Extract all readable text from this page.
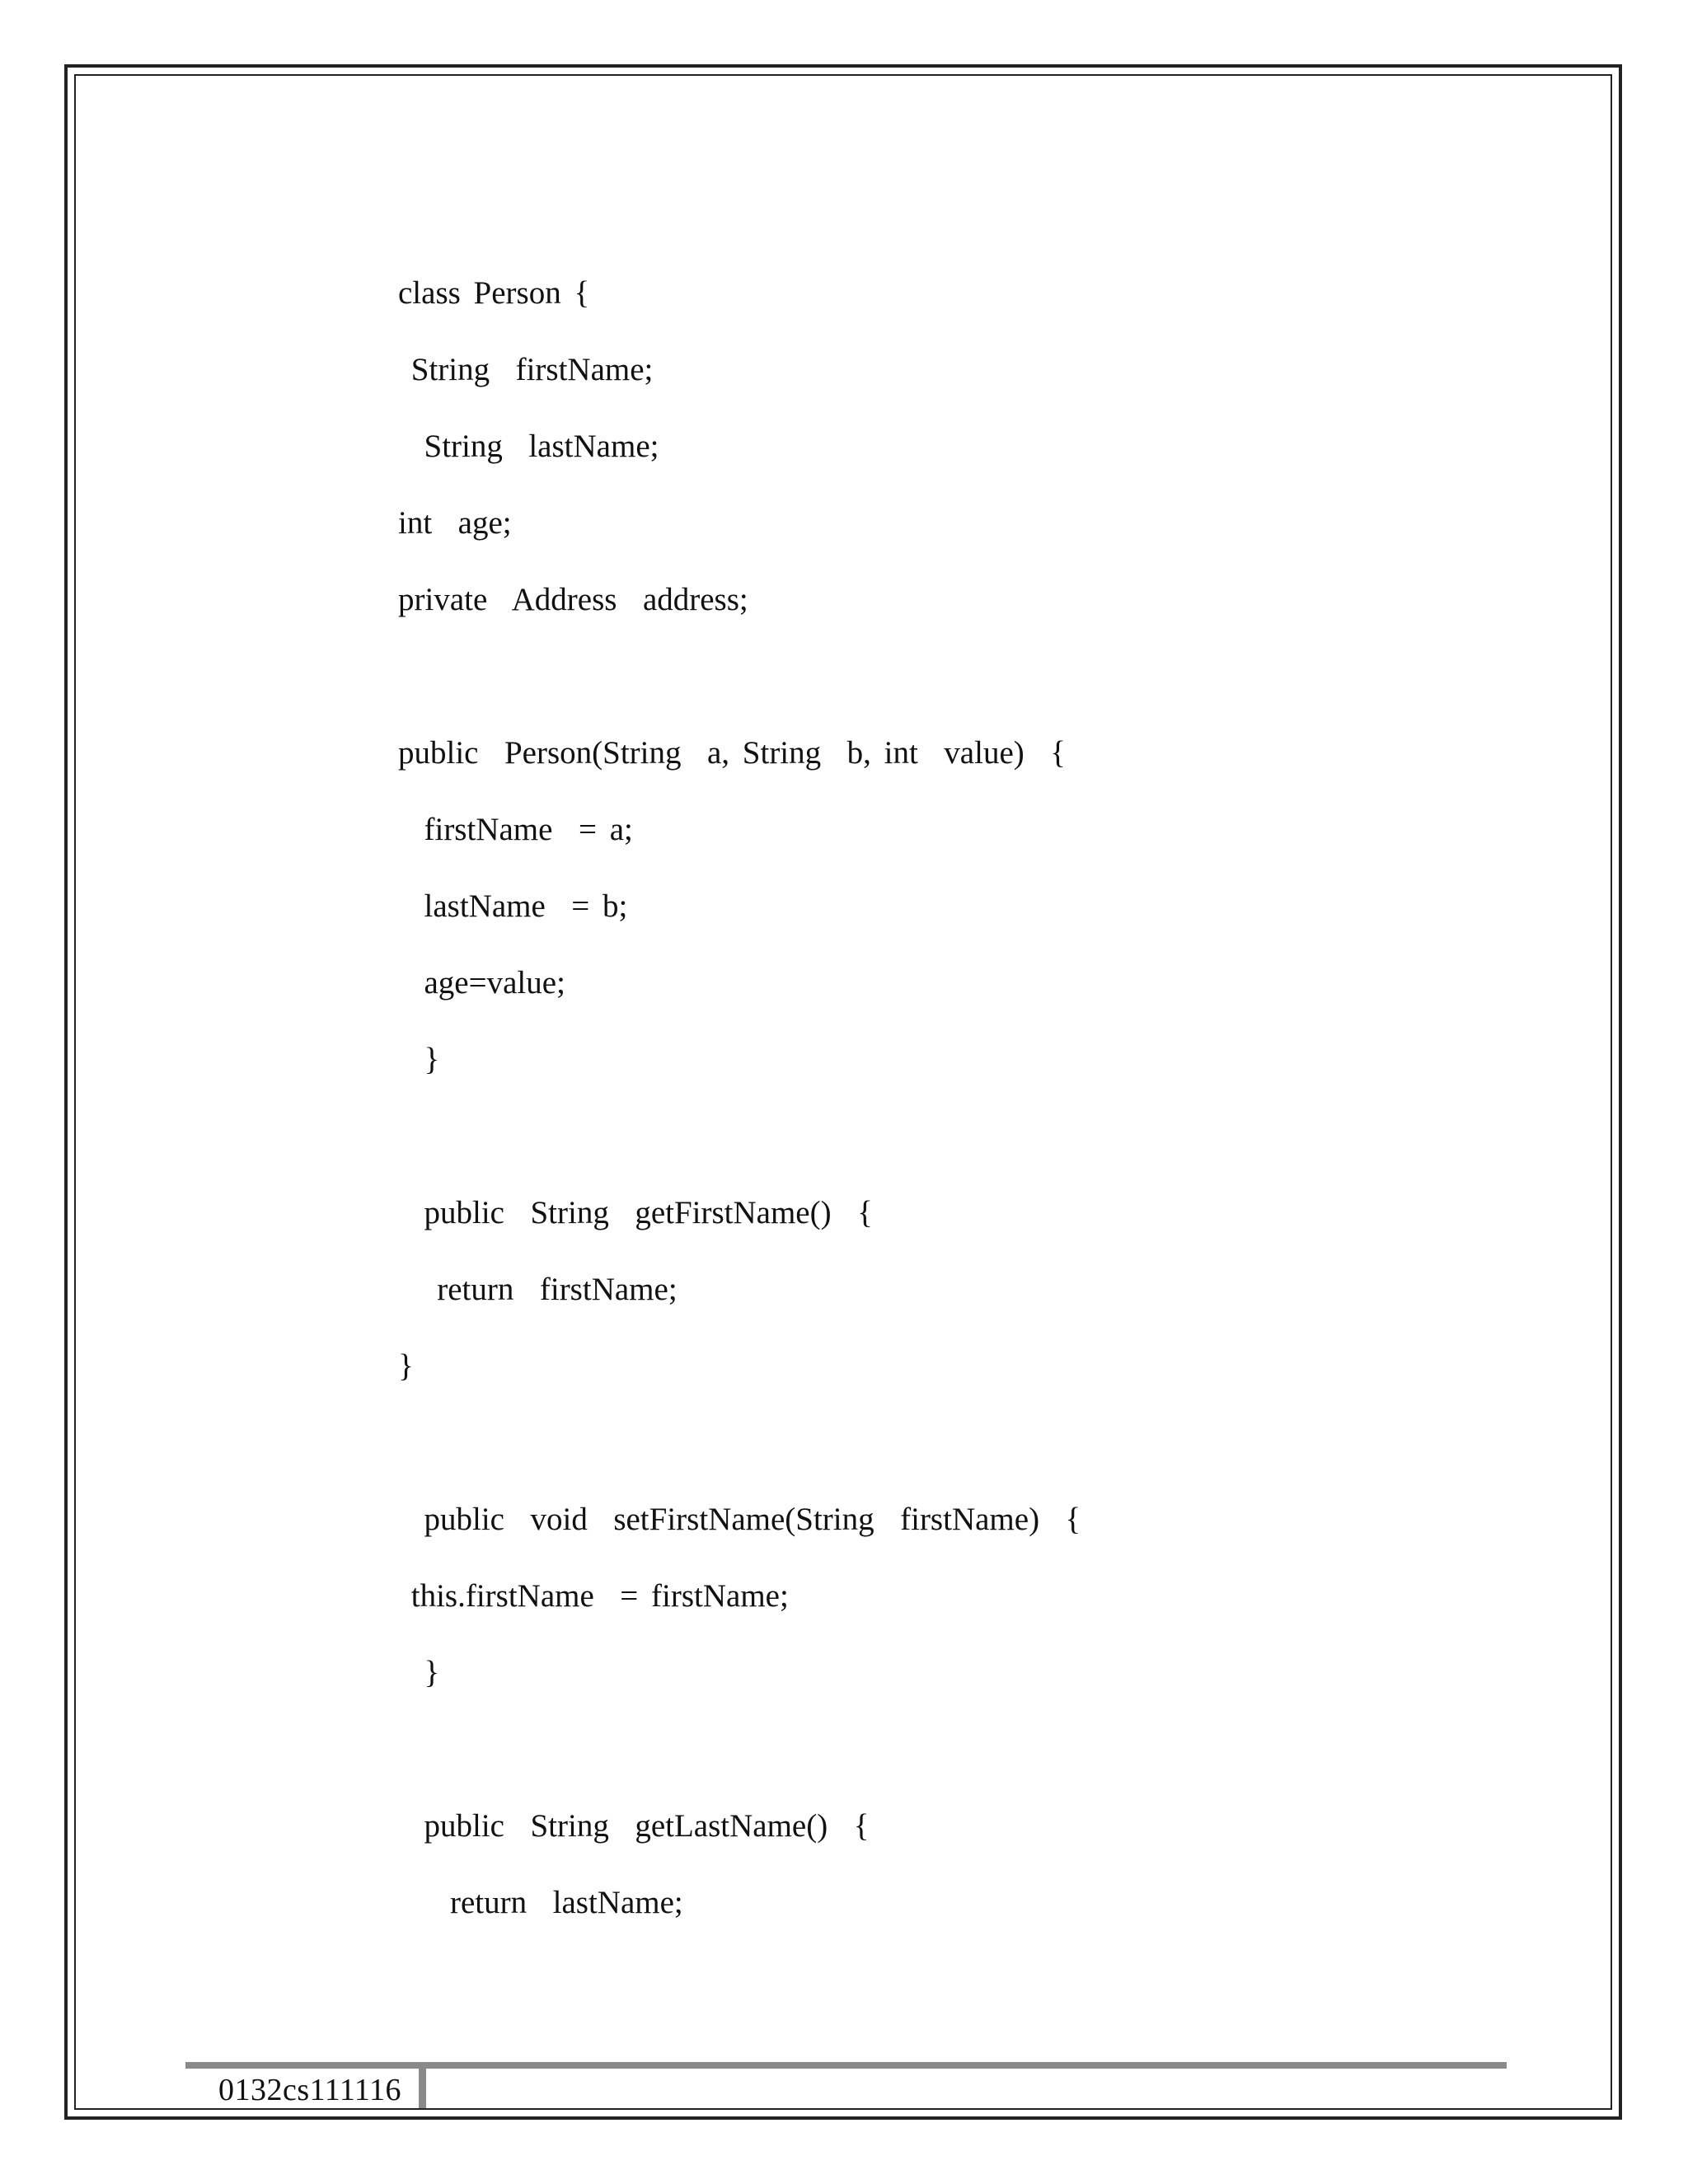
class Person {
String  firstName;
String  lastName;
int  age;
private  Address  address;
public  Person(String  a, String  b, int  value)  {
firstName  = a;
lastName  = b;
age=value;
}
public  String  getFirstName()  {
return  firstName;
}
public  void  setFirstName(String  firstName)  {
this.firstName  = firstName;
}
public  String  getLastName()  {
return  lastName;
0132cs111116
